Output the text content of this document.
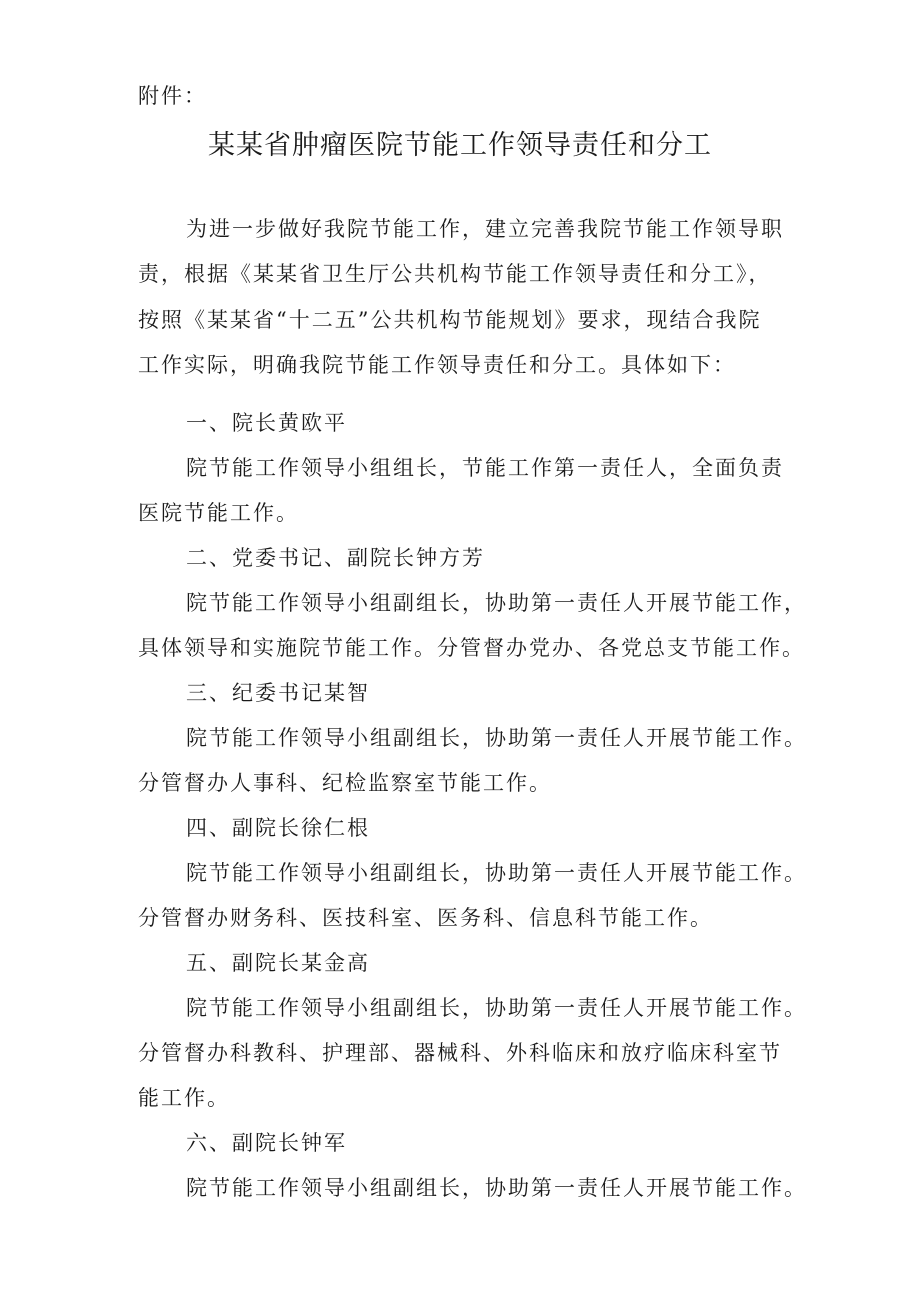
附件：
某某省肿瘤医院节能工作领导责任和分工
为进一步做好我院节能工作，建立完善我院节能工作领导职
责，根据《某某省卫生厅公共机构节能工作领导责任和分工》，
按照《某某省“十二五”公共机构节能规划》要求，现结合我院
工作实际，明确我院节能工作领导责任和分工。具体如下：
一、院长黄欧平
院节能工作领导小组组长，节能工作第一责任人，全面负责
医院节能工作。
二、党委书记、副院长钟方芳
院节能工作领导小组副组长，协助第一责任人开展节能工作，
具体领导和实施院节能工作。分管督办党办、各党总支节能工作。
三、纪委书记某智
院节能工作领导小组副组长，协助第一责任人开展节能工作。
分管督办人事科、纪检监察室节能工作。
四、副院长徐仁根
院节能工作领导小组副组长，协助第一责任人开展节能工作。
分管督办财务科、医技科室、医务科、信息科节能工作。
五、副院长某金高
院节能工作领导小组副组长，协助第一责任人开展节能工作。
分管督办科教科、护理部、器械科、外科临床和放疗临床科室节
能工作。
六、副院长钟军
院节能工作领导小组副组长，协助第一责任人开展节能工作。
